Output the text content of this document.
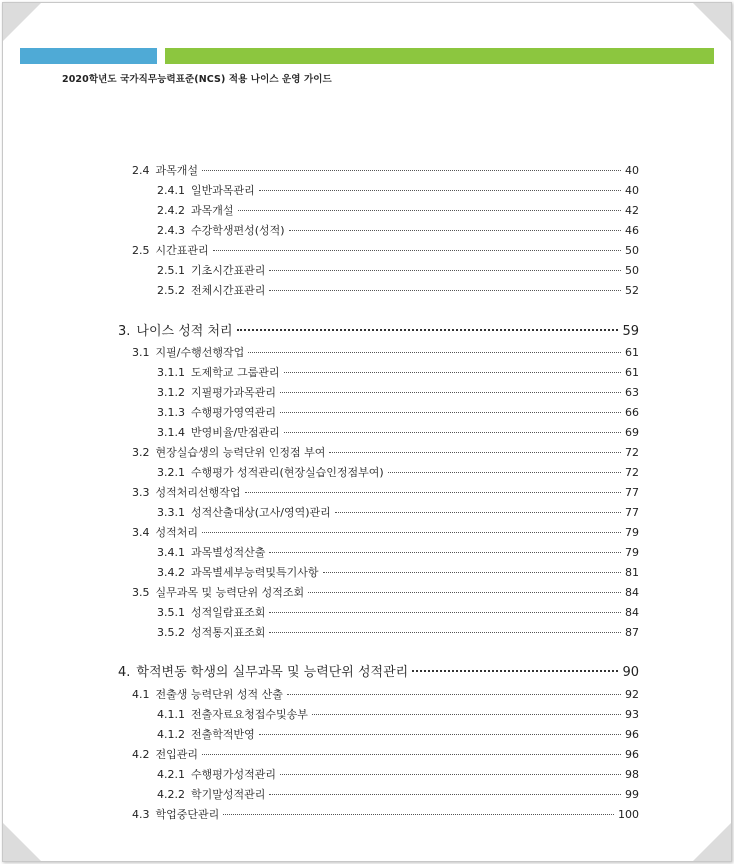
2020학년도 국가직무능력표준(NCS) 적용 나이스 운영 가이드
2.4 과목개설	40
2.4.1 일반과목관리	40
2.4.2 과목개설	42
2.4.3 수강학생편성(성적)	46
2.5 시간표관리	50
2.5.1 기초시간표관리	50
2.5.2 전체시간표관리	52
3. 나이스 성적 처리	59
3.1 지필/수행선행작업	61
3.1.1 도제학교 그룹관리	61
3.1.2 지필평가과목관리	63
3.1.3 수행평가영역관리	66
3.1.4 반영비율/만점관리	69
3.2 현장실습생의 능력단위 인정점 부여	72
3.2.1 수행평가 성적관리(현장실습인정점부여)	72
3.3 성적처리선행작업	77
3.3.1 성적산출대상(고사/영역)관리	77
3.4 성적처리	79
3.4.1 과목별성적산출	79
3.4.2 과목별세부능력및특기사항	81
3.5 실무과목 및 능력단위 성적조회	84
3.5.1 성적일람표조회	84
3.5.2 성적통지표조회	87
4. 학적변동 학생의 실무과목 및 능력단위 성적관리	90
4.1 전출생 능력단위 성적 산출	92
4.1.1 전출자료요청접수및송부	93
4.1.2 전출학적반영	96
4.2 전입관리	96
4.2.1 수행평가성적관리	98
4.2.2 학기말성적관리	99
4.3 학업중단관리	100
